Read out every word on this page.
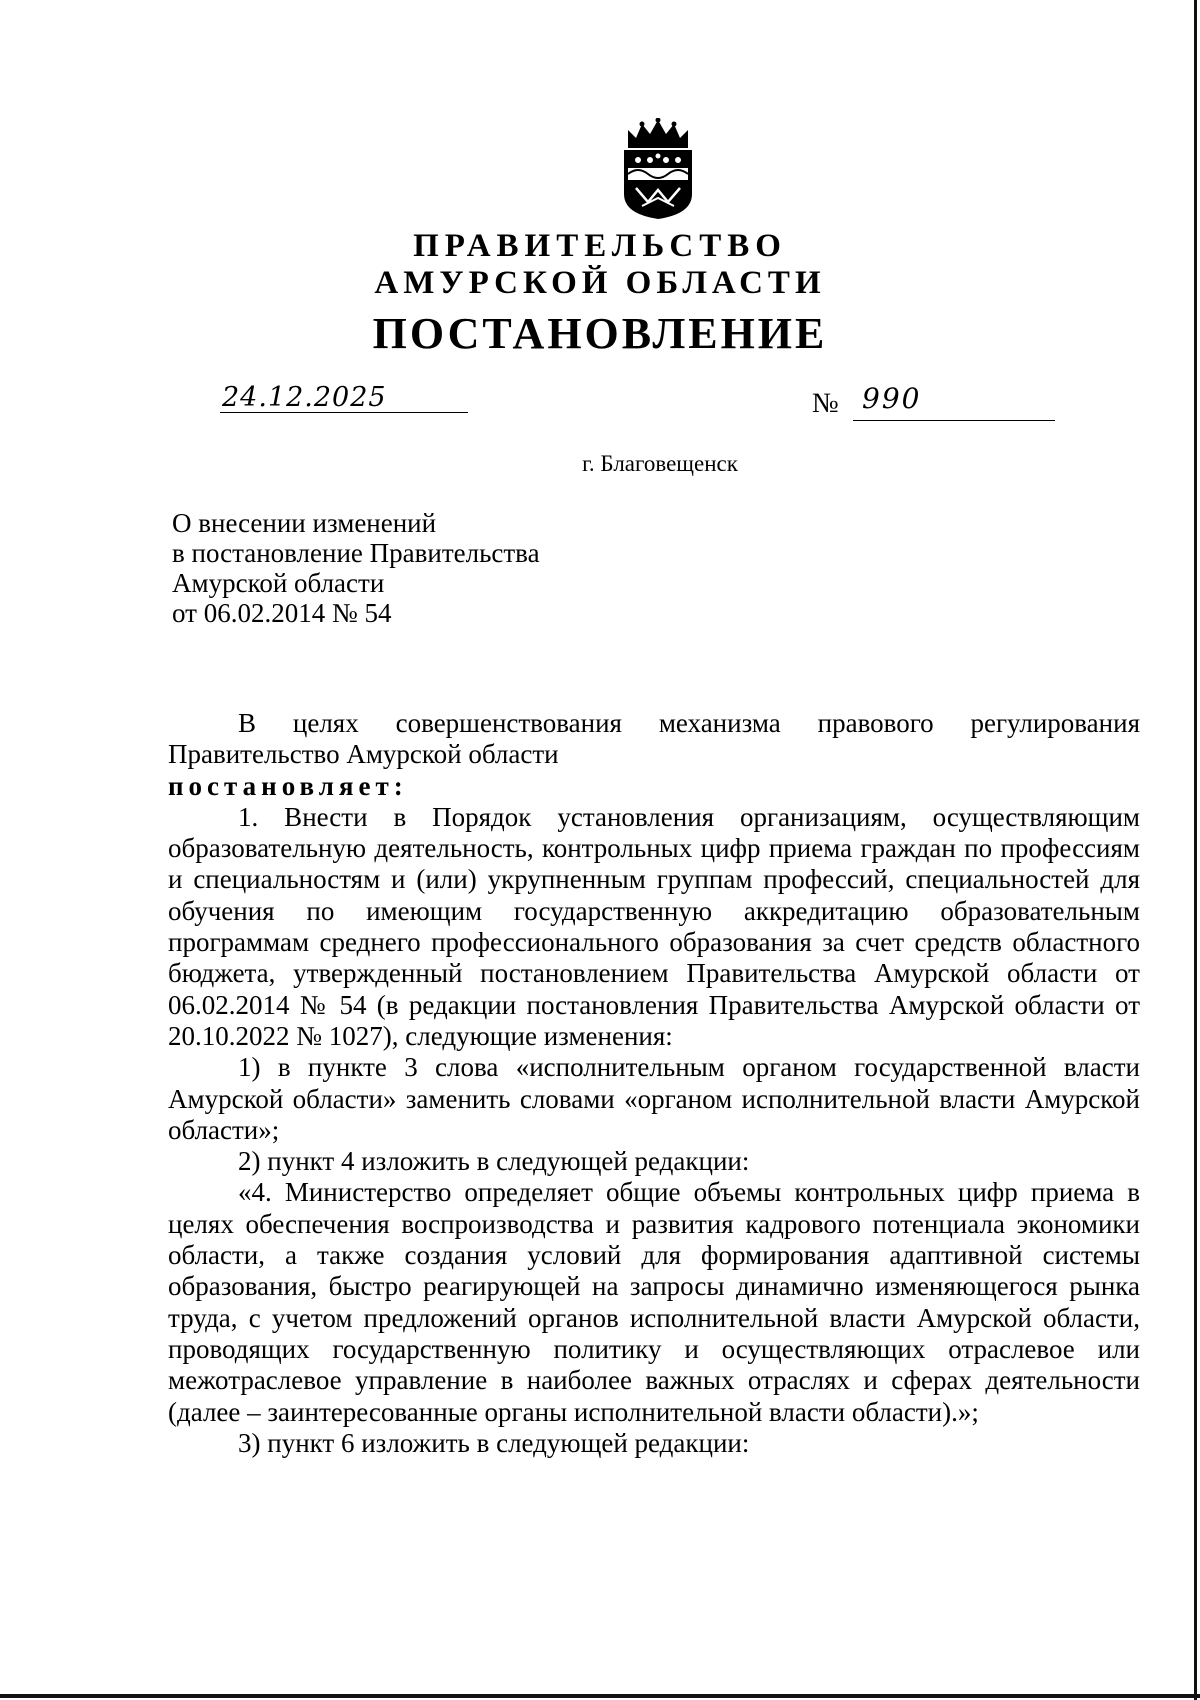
ПРАВИТЕЛЬСТВО
АМУРСКОЙ ОБЛАСТИ
ПОСТАНОВЛЕНИЕ
24.12.2025	№ 990
г. Благовещенск
О внесении изменений
в постановление Правительства
Амурской области
от 06.02.2014 № 54

В целях совершенствования механизма правового регулирования Правительство Амурской области

постановляет:

1. Внести в Порядок установления организациям, осуществляющим образовательную деятельность, контрольных цифр приема граждан по профессиям и специальностям и (или) укрупненным группам профессий, специальностей для обучения по имеющим государственную аккредитацию образовательным программам среднего профессионального образования за счет средств областного бюджета, утвержденный постановлением Правительства Амурской области от 06.02.2014 № 54 (в редакции постановления Правительства Амурской области от 20.10.2022 № 1027), следующие изменения:

1) в пункте 3 слова «исполнительным органом государственной власти Амурской области» заменить словами «органом исполнительной власти Амурской области»;

2) пункт 4 изложить в следующей редакции:

«4. Министерство определяет общие объемы контрольных цифр приема в целях обеспечения воспроизводства и развития кадрового потенциала экономики области, а также создания условий для формирования адаптивной системы образования, быстро реагирующей на запросы динамично изменяющегося рынка труда, с учетом предложений органов исполнительной власти Амурской области, проводящих государственную политику и осуществляющих отраслевое или межотраслевое управление в наиболее важных отраслях и сферах деятельности (далее – заинтересованные органы исполнительной власти области).»;

3) пункт 6 изложить в следующей редакции:
